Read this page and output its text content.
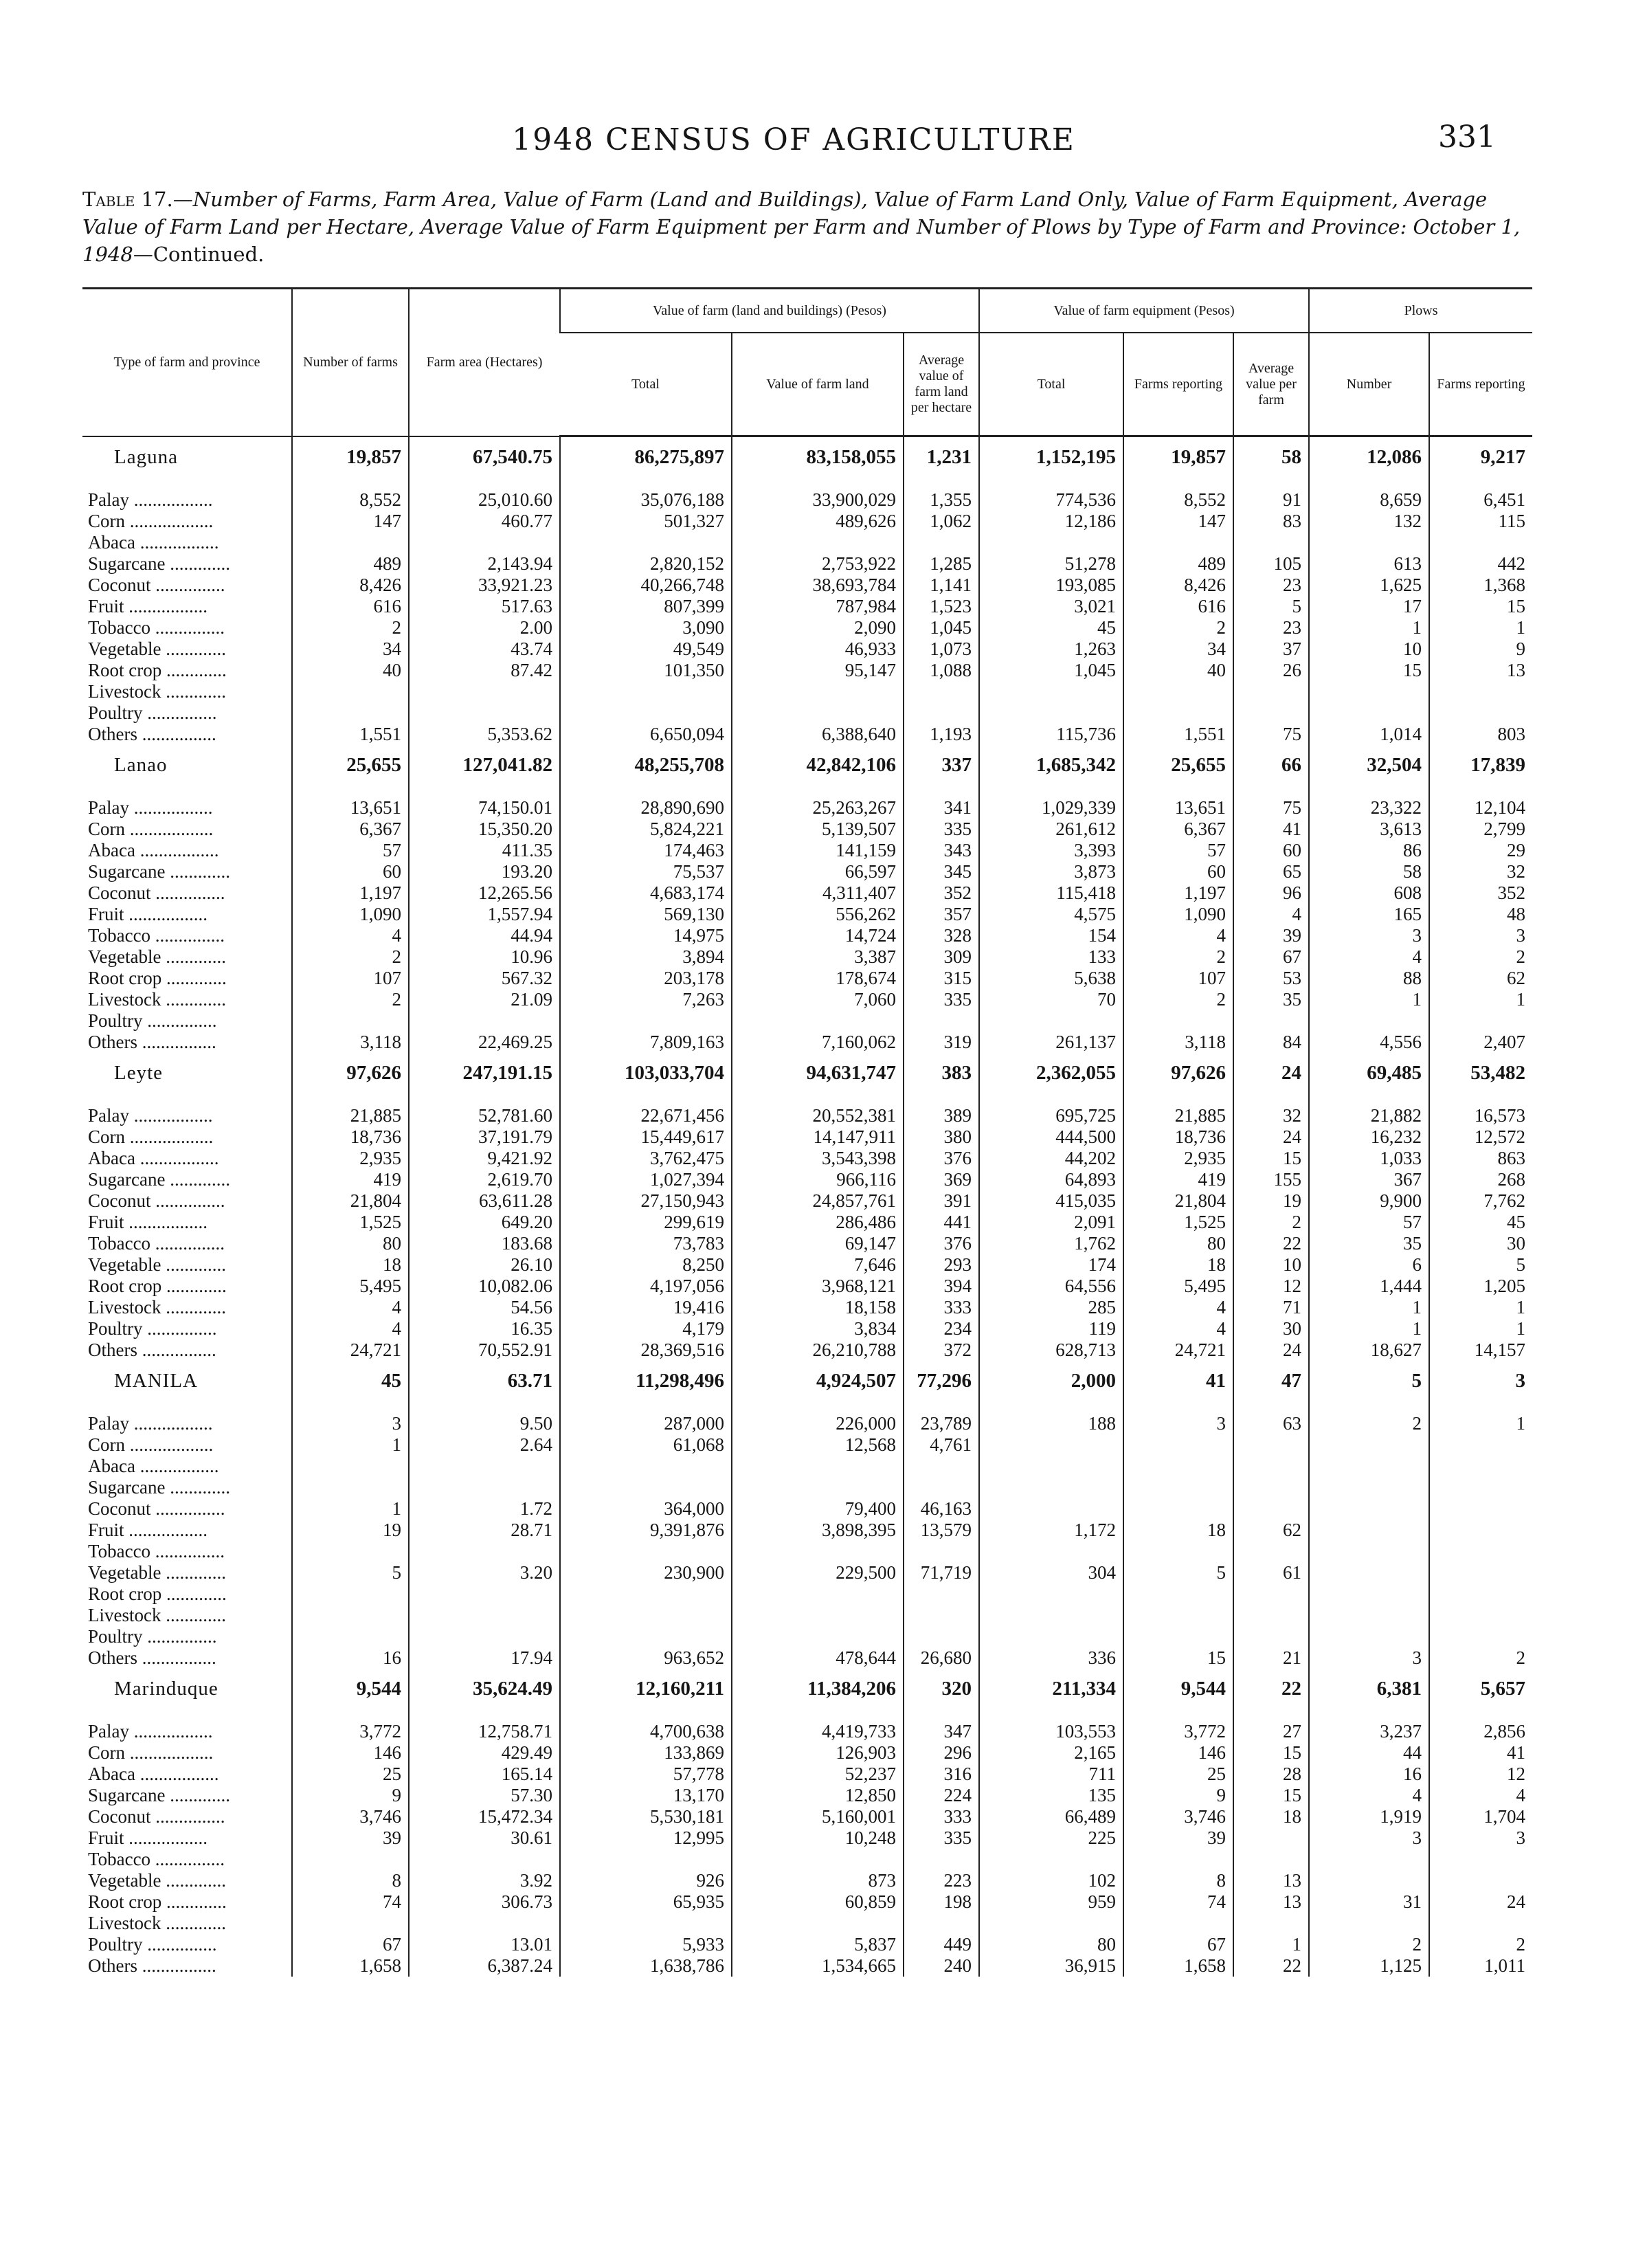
1948 CENSUS OF AGRICULTURE	331
Table 17.—Number of Farms, Farm Area, Value of Farm (Land and Buildings), Value of Farm Land Only, Value of Farm Equipment, Average Value of Farm Land per Hectare, Average Value of Farm Equipment per Farm and Number of Plows by Type of Farm and Province: October 1, 1948—Continued.
Type of farm and province	Number of farms	Farm area (Hectares)	Value of farm (land and buildings) (Pesos)			Value of farm equipment (Pesos)			Plows	
			Total	Value of farm land	Average value of farm land per hectare	Total	Farms reporting	Average value per farm	Number	Farms reporting
Laguna	19,857	67,540.75	86,275,897	83,158,055	1,231	1,152,195	19,857	58	12,086	9,217

Palay .................	8,552	25,010.60	35,076,188	33,900,029	1,355	774,536	8,552	91	8,659	6,451
Corn ..................	147	460.77	501,327	489,626	1,062	12,186	147	83	132	115
Abaca .................										
Sugarcane .............	489	2,143.94	2,820,152	2,753,922	1,285	51,278	489	105	613	442
Coconut ...............	8,426	33,921.23	40,266,748	38,693,784	1,141	193,085	8,426	23	1,625	1,368
Fruit .................	616	517.63	807,399	787,984	1,523	3,021	616	5	17	15
Tobacco ...............	2	2.00	3,090	2,090	1,045	45	2	23	1	1
Vegetable .............	34	43.74	49,549	46,933	1,073	1,263	34	37	10	9
Root crop .............	40	87.42	101,350	95,147	1,088	1,045	40	26	15	13
Livestock .............										
Poultry ...............										
Others ................	1,551	5,353.62	6,650,094	6,388,640	1,193	115,736	1,551	75	1,014	803
Lanao	25,655	127,041.82	48,255,708	42,842,106	337	1,685,342	25,655	66	32,504	17,839

Palay .................	13,651	74,150.01	28,890,690	25,263,267	341	1,029,339	13,651	75	23,322	12,104
Corn ..................	6,367	15,350.20	5,824,221	5,139,507	335	261,612	6,367	41	3,613	2,799
Abaca .................	57	411.35	174,463	141,159	343	3,393	57	60	86	29
Sugarcane .............	60	193.20	75,537	66,597	345	3,873	60	65	58	32
Coconut ...............	1,197	12,265.56	4,683,174	4,311,407	352	115,418	1,197	96	608	352
Fruit .................	1,090	1,557.94	569,130	556,262	357	4,575	1,090	4	165	48
Tobacco ...............	4	44.94	14,975	14,724	328	154	4	39	3	3
Vegetable .............	2	10.96	3,894	3,387	309	133	2	67	4	2
Root crop .............	107	567.32	203,178	178,674	315	5,638	107	53	88	62
Livestock .............	2	21.09	7,263	7,060	335	70	2	35	1	1
Poultry ...............										
Others ................	3,118	22,469.25	7,809,163	7,160,062	319	261,137	3,118	84	4,556	2,407
Leyte	97,626	247,191.15	103,033,704	94,631,747	383	2,362,055	97,626	24	69,485	53,482

Palay .................	21,885	52,781.60	22,671,456	20,552,381	389	695,725	21,885	32	21,882	16,573
Corn ..................	18,736	37,191.79	15,449,617	14,147,911	380	444,500	18,736	24	16,232	12,572
Abaca .................	2,935	9,421.92	3,762,475	3,543,398	376	44,202	2,935	15	1,033	863
Sugarcane .............	419	2,619.70	1,027,394	966,116	369	64,893	419	155	367	268
Coconut ...............	21,804	63,611.28	27,150,943	24,857,761	391	415,035	21,804	19	9,900	7,762
Fruit .................	1,525	649.20	299,619	286,486	441	2,091	1,525	2	57	45
Tobacco ...............	80	183.68	73,783	69,147	376	1,762	80	22	35	30
Vegetable .............	18	26.10	8,250	7,646	293	174	18	10	6	5
Root crop .............	5,495	10,082.06	4,197,056	3,968,121	394	64,556	5,495	12	1,444	1,205
Livestock .............	4	54.56	19,416	18,158	333	285	4	71	1	1
Poultry ...............	4	16.35	4,179	3,834	234	119	4	30	1	1
Others ................	24,721	70,552.91	28,369,516	26,210,788	372	628,713	24,721	24	18,627	14,157
MANILA	45	63.71	11,298,496	4,924,507	77,296	2,000	41	47	5	3

Palay .................	3	9.50	287,000	226,000	23,789	188	3	63	2	1
Corn ..................	1	2.64	61,068	12,568	4,761					
Abaca .................										
Sugarcane .............										
Coconut ...............	1	1.72	364,000	79,400	46,163					
Fruit .................	19	28.71	9,391,876	3,898,395	13,579	1,172	18	62		
Tobacco ...............										
Vegetable .............	5	3.20	230,900	229,500	71,719	304	5	61		
Root crop .............										
Livestock .............										
Poultry ...............										
Others ................	16	17.94	963,652	478,644	26,680	336	15	21	3	2
Marinduque	9,544	35,624.49	12,160,211	11,384,206	320	211,334	9,544	22	6,381	5,657

Palay .................	3,772	12,758.71	4,700,638	4,419,733	347	103,553	3,772	27	3,237	2,856
Corn ..................	146	429.49	133,869	126,903	296	2,165	146	15	44	41
Abaca .................	25	165.14	57,778	52,237	316	711	25	28	16	12
Sugarcane .............	9	57.30	13,170	12,850	224	135	9	15	4	4
Coconut ...............	3,746	15,472.34	5,530,181	5,160,001	333	66,489	3,746	18	1,919	1,704
Fruit .................	39	30.61	12,995	10,248	335	225	39		3	3
Tobacco ...............										
Vegetable .............	8	3.92	926	873	223	102	8	13		
Root crop .............	74	306.73	65,935	60,859	198	959	74	13	31	24
Livestock .............										
Poultry ...............	67	13.01	5,933	5,837	449	80	67	1	2	2
Others ................	1,658	6,387.24	1,638,786	1,534,665	240	36,915	1,658	22	1,125	1,011
